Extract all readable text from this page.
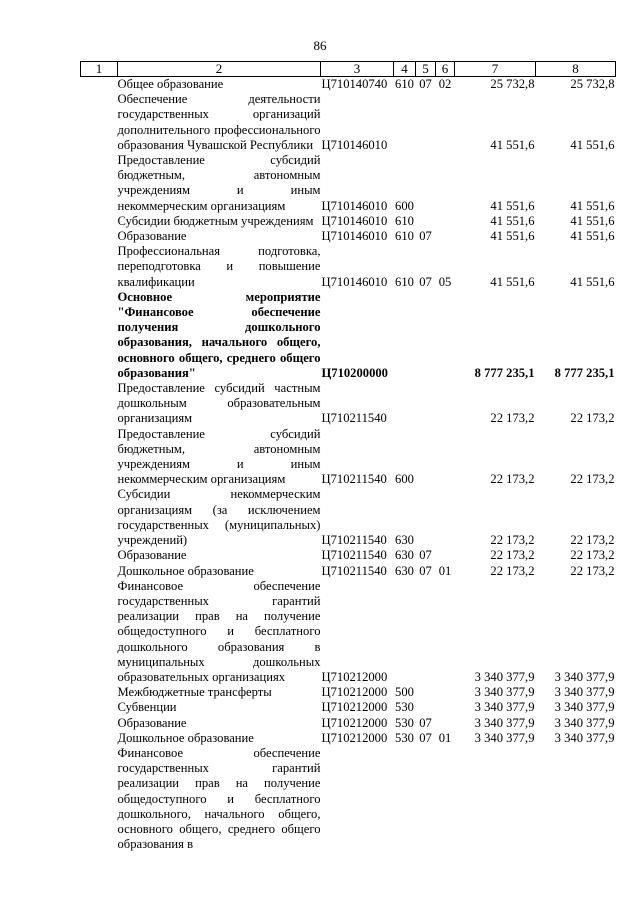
86
1	2	3	4	5	6	7	8
	Общее образование	Ц710140740	610	07	02	25 732,8	25 732,8
	Обеспечение деятельности государственных организаций дополнительного профессионального образования Чувашской Республики	Ц710146010				41 551,6	41 551,6
	Предоставление субсидий бюджетным, автономным учреждениям и иным некоммерческим организациям	Ц710146010	600			41 551,6	41 551,6
	Субсидии бюджетным учреждениям	Ц710146010	610			41 551,6	41 551,6
	Образование	Ц710146010	610	07		41 551,6	41 551,6
	Профессиональная подготовка, переподготовка и повышение квалификации	Ц710146010	610	07	05	41 551,6	41 551,6
	Основное мероприятие "Финансовое обеспечение получения дошкольного образования, начального общего, основного общего, среднего общего образования"	Ц710200000				8 777 235,1	8 777 235,1
	Предоставление субсидий частным дошкольным образовательным организациям	Ц710211540				22 173,2	22 173,2
	Предоставление субсидий бюджетным, автономным учреждениям и иным некоммерческим организациям	Ц710211540	600			22 173,2	22 173,2
	Субсидии некоммерческим организациям (за исключением государственных (муниципальных) учреждений)	Ц710211540	630			22 173,2	22 173,2
	Образование	Ц710211540	630	07		22 173,2	22 173,2
	Дошкольное образование	Ц710211540	630	07	01	22 173,2	22 173,2
	Финансовое обеспечение государственных гарантий реализации прав на получение общедоступного и бесплатного дошкольного образования в муниципальных дошкольных образовательных организациях	Ц710212000				3 340 377,9	3 340 377,9
	Межбюджетные трансферты	Ц710212000	500			3 340 377,9	3 340 377,9
	Субвенции	Ц710212000	530			3 340 377,9	3 340 377,9
	Образование	Ц710212000	530	07		3 340 377,9	3 340 377,9
	Дошкольное образование	Ц710212000	530	07	01	3 340 377,9	3 340 377,9
	Финансовое обеспечение государственных гарантий реализации прав на получение общедоступного и бесплатного дошкольного, начального общего, основного общего, среднего общего образования в						
